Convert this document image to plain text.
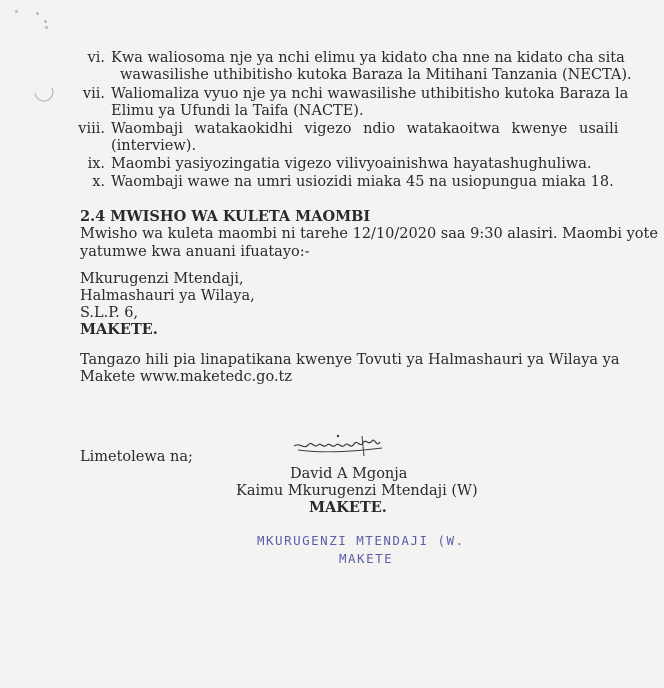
vi. Kwa waliosoma nje ya nchi elimu ya kidato cha nne na kidato cha sita
wawasilishe uthibitisho kutoka Baraza la Mitihani Tanzania (NECTA).
vii. Waliomaliza vyuo nje ya nchi wawasilishe uthibitisho kutoka Baraza la
Elimu ya Ufundi la Taifa (NACTE).
viii. Waombaji watakaokidhi vigezo ndio watakaoitwa kwenye usaili
(interview).
ix. Maombi yasiyozingatia vigezo vilivyoainishwa hayatashughuliwa.
x. Waombaji wawe na umri usiozidi miaka 45 na usiopungua miaka 18.
2.4 MWISHO WA KULETA MAOMBI
Mwisho wa kuleta maombi ni tarehe 12/10/2020 saa 9:30 alasiri. Maombi yote
yatumwe kwa anuani ifuatayo:-
Mkurugenzi Mtendaji,
Halmashauri ya Wilaya,
S.L.P. 6,
MAKETE.
Tangazo hili pia linapatikana kwenye Tovuti ya Halmashauri ya Wilaya ya
Makete www.maketedc.go.tz
Limetolewa na;
David A Mgonja
Kaimu Mkurugenzi Mtendaji (W)
MAKETE.
MKURUGENZI MTENDAJI (W.
MAKETE
